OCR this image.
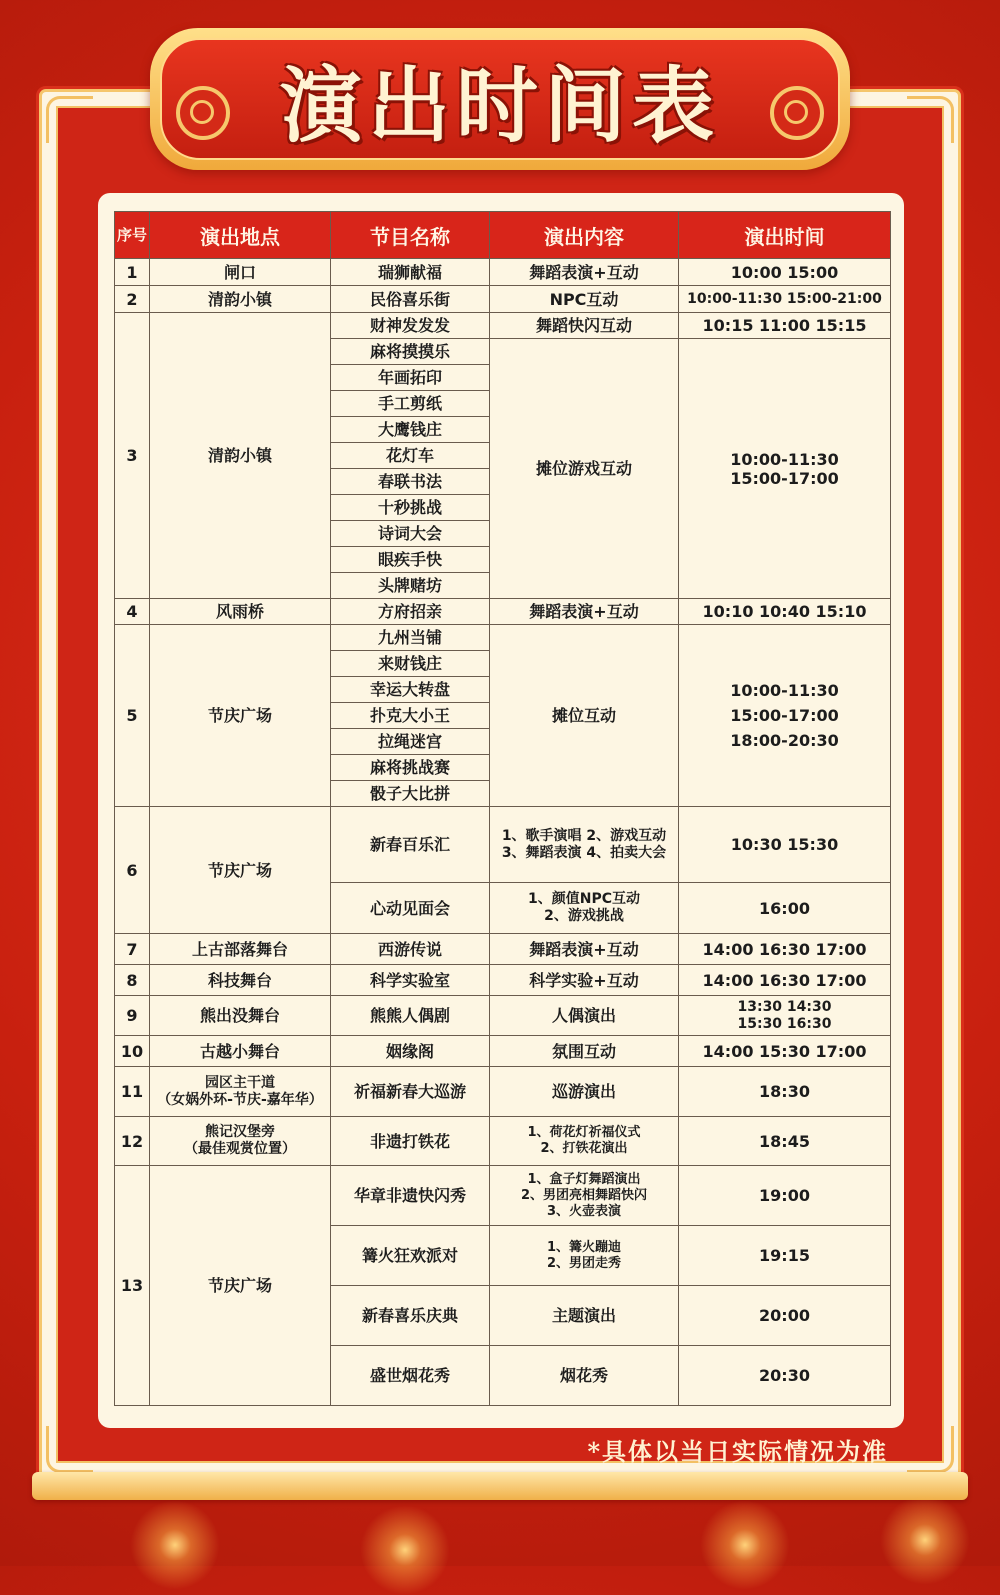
演出时间表
序号	演出地点	节目名称	演出内容	演出时间
1	闸口	瑞狮献福	舞蹈表演+互动	10:00 15:00
2	清韵小镇	民俗喜乐街	NPC互动	10:00-11:30 15:00-21:00
3	清韵小镇	财神发发发	舞蹈快闪互动	10:15 11:00 15:15
		麻将摸摸乐	摊位游戏互动	10:00-11:30
15:00-17:00
		年画拓印		
		手工剪纸		
		大鹰钱庄		
		花灯车		
		春联书法		
		十秒挑战		
		诗词大会		
		眼疾手快		
		头牌赌坊		
4	风雨桥	方府招亲	舞蹈表演+互动	10:10 10:40 15:10
5	节庆广场	九州当铺	摊位互动	10:00-11:30
15:00-17:00
18:00-20:30
		来财钱庄		
		幸运大转盘		
		扑克大小王		
		拉绳迷宫		
		麻将挑战赛		
		骰子大比拼		
6	节庆广场	新春百乐汇	1、歌手演唱 2、游戏互动
3、舞蹈表演 4、拍卖大会	10:30 15:30
		心动见面会	1、颜值NPC互动
2、游戏挑战	16:00
7	上古部落舞台	西游传说	舞蹈表演+互动	14:00 16:30 17:00
8	科技舞台	科学实验室	科学实验+互动	14:00 16:30 17:00
9	熊出没舞台	熊熊人偶剧	人偶演出	13:30 14:30
15:30 16:30
10	古越小舞台	姻缘阁	氛围互动	14:00 15:30 17:00
11	园区主干道
（女娲外环-节庆-嘉年华）	祈福新春大巡游	巡游演出	18:30
12	熊记汉堡旁
（最佳观赏位置）	非遗打铁花	1、荷花灯祈福仪式
2、打铁花演出	18:45
13	节庆广场	华章非遗快闪秀	1、盒子灯舞蹈演出
2、男团亮相舞蹈快闪
3、火壶表演	19:00
		篝火狂欢派对	1、篝火蹦迪
2、男团走秀	19:15
		新春喜乐庆典	主题演出	20:00
		盛世烟花秀	烟花秀	20:30
*具体以当日实际情况为准
